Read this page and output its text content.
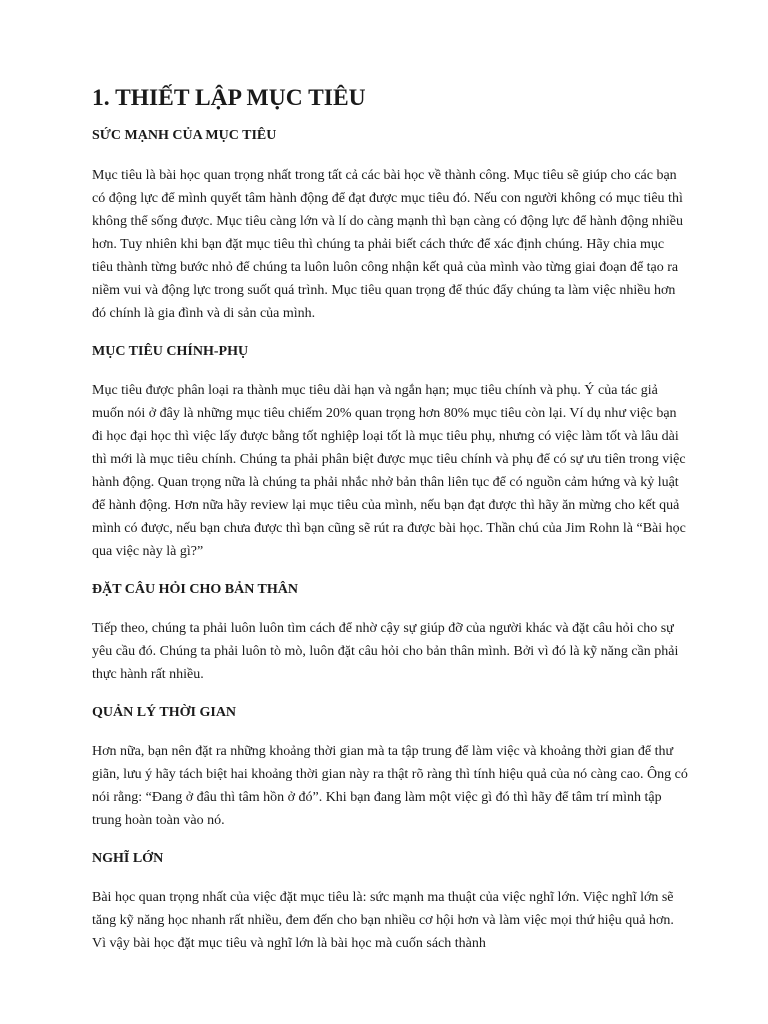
1. THIẾT LẬP MỤC TIÊU
SỨC MẠNH CỦA MỤC TIÊU

Mục tiêu là bài học quan trọng nhất trong tất cả các bài học về thành công. Mục tiêu sẽ giúp cho các bạn có động lực để mình quyết tâm hành động để đạt được mục tiêu đó. Nếu con người không có mục tiêu thì không thể sống được. Mục tiêu càng lớn và lí do càng mạnh thì bạn càng có động lực để hành động nhiều hơn. Tuy nhiên khi bạn đặt mục tiêu thì chúng ta phải biết cách thức để xác định chúng. Hãy chia mục tiêu thành từng bước nhỏ để chúng ta luôn luôn công nhận kết quả của mình vào từng giai đoạn để tạo ra niềm vui và động lực trong suốt quá trình. Mục tiêu quan trọng để thúc đẩy chúng ta làm việc nhiều hơn đó chính là gia đình và di sản của mình.

MỤC TIÊU CHÍNH-PHỤ

Mục tiêu được phân loại ra thành mục tiêu dài hạn và ngắn hạn; mục tiêu chính và phụ. Ý của tác giả muốn nói ở đây là những mục tiêu chiếm 20% quan trọng hơn 80% mục tiêu còn lại. Ví dụ như việc bạn đi học đại học thì việc lấy được bằng tốt nghiệp loại tốt là mục tiêu phụ, nhưng có việc làm tốt và lâu dài thì mới là mục tiêu chính. Chúng ta phải phân biệt được mục tiêu chính và phụ để có sự ưu tiên trong việc hành động. Quan trọng nữa là chúng ta phải nhắc nhở bản thân liên tục để có nguồn cảm hứng và kỷ luật để hành động. Hơn nữa hãy review lại mục tiêu của mình, nếu bạn đạt được thì hãy ăn mừng cho kết quả mình có được, nếu bạn chưa được thì bạn cũng sẽ rút ra được bài học. Thần chú của Jim Rohn là “Bài học qua việc này là gì?”

ĐẶT CÂU HỎI CHO BẢN THÂN

Tiếp theo, chúng ta phải luôn luôn tìm cách để nhờ cậy sự giúp đỡ của người khác và đặt câu hỏi cho sự yêu cầu đó. Chúng ta phải luôn tò mò, luôn đặt câu hỏi cho bản thân mình. Bởi vì đó là kỹ năng cần phải thực hành rất nhiều.

QUẢN LÝ THỜI GIAN

Hơn nữa, bạn nên đặt ra những khoảng thời gian mà ta tập trung để làm việc và khoảng thời gian để thư giãn, lưu ý hãy tách biệt hai khoảng thời gian này ra thật rõ ràng thì tính hiệu quả của nó càng cao. Ông có nói rằng: “Đang ở đâu thì tâm hồn ở đó”. Khi bạn đang làm một việc gì đó thì hãy để tâm trí mình tập trung hoàn toàn vào nó.

NGHĨ LỚN

Bài học quan trọng nhất của việc đặt mục tiêu là: sức mạnh ma thuật của việc nghĩ lớn. Việc nghĩ lớn sẽ tăng kỹ năng học nhanh rất nhiều, đem đến cho bạn nhiều cơ hội hơn và làm việc mọi thứ hiệu quả hơn. Vì vậy bài học đặt mục tiêu và nghĩ lớn là bài học mà cuốn sách thành
